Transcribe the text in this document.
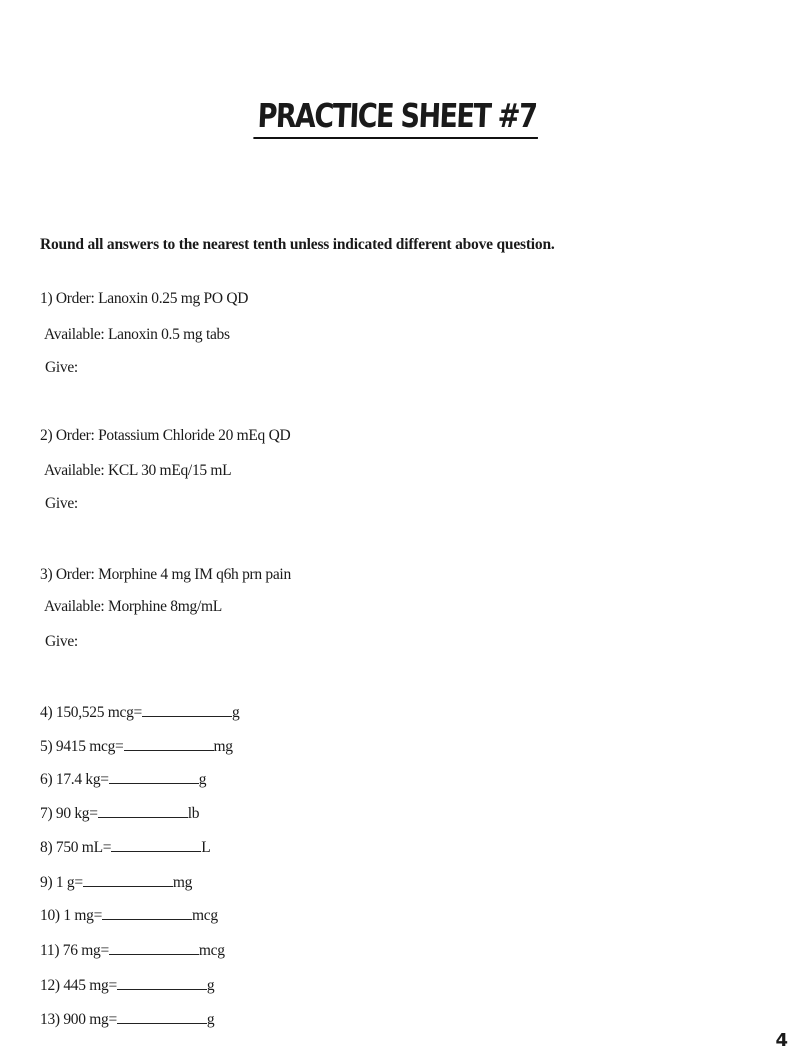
PRACTICE SHEET #7
Round all answers to the nearest tenth unless indicated different above question.
1) Order: Lanoxin 0.25 mg PO QD
Available: Lanoxin 0.5 mg tabs
Give:
2) Order: Potassium Chloride 20 mEq QD
Available: KCL 30 mEq/15 mL
Give:
3) Order: Morphine 4 mg IM q6h prn pain
Available: Morphine 8mg/mL
Give:
4) 150,525 mcg=	g
5) 9415 mcg=	mg
6) 17.4 kg=	g
7) 90 kg=	lb
8) 750 mL=	L
9) 1 g=	mg
10) 1 mg=	mcg
11) 76 mg=	mcg
12) 445 mg=	g
13) 900 mg=	g
4
